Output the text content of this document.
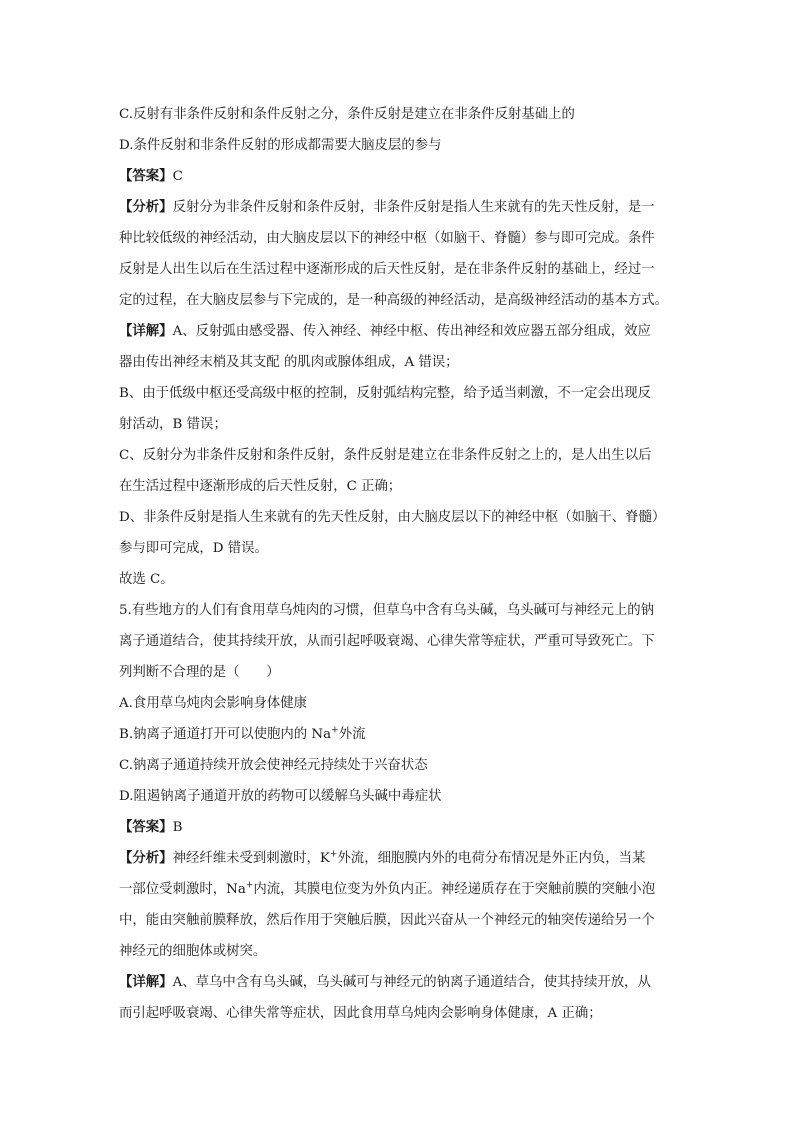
C.反射有非条件反射和条件反射之分，条件反射是建立在非条件反射基础上的
D.条件反射和非条件反射的形成都需要大脑皮层的参与
【答案】C
【分析】反射分为非条件反射和条件反射，非条件反射是指人生来就有的先天性反射，是一
种比较低级的神经活动，由大脑皮层以下的神经中枢（如脑干、脊髓）参与即可完成。条件
反射是人出生以后在生活过程中逐渐形成的后天性反射，是在非条件反射的基础上，经过一
定的过程，在大脑皮层参与下完成的，是一种高级的神经活动，是高级神经活动的基本方式。
【详解】A、反射弧由感受器、传入神经、神经中枢、传出神经和效应器五部分组成，效应
器由传出神经末梢及其支配 的肌肉或腺体组成，A 错误；
B、由于低级中枢还受高级中枢的控制，反射弧结构完整，给予适当刺激，不一定会出现反
射活动，B 错误；
C、反射分为非条件反射和条件反射，条件反射是建立在非条件反射之上的，是人出生以后
在生活过程中逐渐形成的后天性反射，C 正确；
D、非条件反射是指人生来就有的先天性反射，由大脑皮层以下的神经中枢（如脑干、脊髓）
参与即可完成，D 错误。
故选 C。
5.有些地方的人们有食用草乌炖肉的习惯，但草乌中含有乌头碱，乌头碱可与神经元上的钠
离子通道结合，使其持续开放，从而引起呼吸衰竭、心律失常等症状，严重可导致死亡。下
列判断不合理的是（　　）
A.食用草乌炖肉会影响身体健康
B.钠离子通道打开可以使胞内的 Na+外流
C.钠离子通道持续开放会使神经元持续处于兴奋状态
D.阻遏钠离子通道开放的药物可以缓解乌头碱中毒症状
【答案】B
【分析】神经纤维未受到刺激时，K+外流，细胞膜内外的电荷分布情况是外正内负，当某
一部位受刺激时，Na+内流，其膜电位变为外负内正。神经递质存在于突触前膜的突触小泡
中，能由突触前膜释放，然后作用于突触后膜，因此兴奋从一个神经元的轴突传递给另一个
神经元的细胞体或树突。
【详解】A、草乌中含有乌头碱，乌头碱可与神经元的钠离子通道结合，使其持续开放，从
而引起呼吸衰竭、心律失常等症状，因此食用草乌炖肉会影响身体健康，A 正确；
